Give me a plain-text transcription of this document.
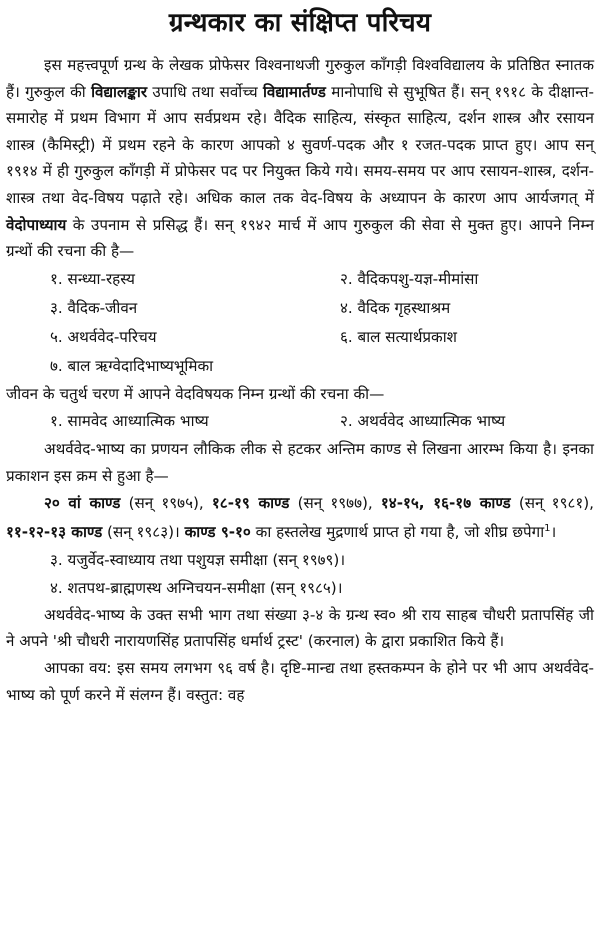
ग्रन्थकार का संक्षिप्त परिचय

इस महत्त्वपूर्ण ग्रन्थ के लेखक प्रोफेसर विश्वनाथजी गुरुकुल काँगड़ी विश्वविद्यालय के प्रतिष्ठित स्नातक हैं। गुरुकुल की विद्यालङ्कार उपाधि तथा सर्वोच्च विद्यामार्तण्ड मानोपाधि से सुभूषित हैं। सन् १९१८ के दीक्षान्त-समारोह में प्रथम विभाग में आप सर्वप्रथम रहे। वैदिक साहित्य, संस्कृत साहित्य, दर्शन शास्त्र और रसायन शास्त्र (कैमिस्ट्री) में प्रथम रहने के कारण आपको ४ सुवर्ण-पदक और १ रजत-पदक प्राप्त हुए। आप सन् १९१४ में ही गुरुकुल काँगड़ी में प्रोफेसर पद पर नियुक्त किये गये। समय-समय पर आप रसायन-शास्त्र, दर्शन-शास्त्र तथा वेद-विषय पढ़ाते रहे। अधिक काल तक वेद-विषय के अध्यापन के कारण आप आर्यजगत् में वेदोपाध्याय के उपनाम से प्रसिद्ध हैं। सन् १९४२ मार्च में आप गुरुकुल की सेवा से मुक्त हुए। आपने निम्न ग्रन्थों की रचना की है—

१. सन्ध्या-रहस्य	२. वैदिकपशु-यज्ञ-मीमांसा
३. वैदिक-जीवन	४. वैदिक गृहस्थाश्रम
५. अथर्ववेद-परिचय	६. बाल सत्यार्थप्रकाश
७. बाल ऋग्वेदादिभाष्यभूमिका

जीवन के चतुर्थ चरण में आपने वेदविषयक निम्न ग्रन्थों की रचना की—

१. सामवेद आध्यात्मिक भाष्य	२. अथर्ववेद आध्यात्मिक भाष्य

अथर्ववेद-भाष्य का प्रणयन लौकिक लीक से हटकर अन्तिम काण्ड से लिखना आरम्भ किया है। इनका प्रकाशन इस क्रम से हुआ है—

२० वां काण्ड (सन् १९७५), १८-१९ काण्ड (सन् १९७७), १४-१५, १६-१७ काण्ड (सन् १९८१), ११-१२-१३ काण्ड (सन् १९८३)। काण्ड ९-१० का हस्तलेख मुद्रणार्थ प्राप्त हो गया है, जो शीघ्र छपेगा$^1$।

३. यजुर्वेद-स्वाध्याय तथा पशुयज्ञ समीक्षा (सन् १९७९)।
४. शतपथ-ब्राह्मणस्थ अग्निचयन-समीक्षा (सन् १९८५)।

अथर्ववेद-भाष्य के उक्त सभी भाग तथा संख्या ३-४ के ग्रन्थ स्व० श्री राय साहब चौधरी प्रतापसिंह जी ने अपने 'श्री चौधरी नारायणसिंह प्रतापसिंह धर्मार्थ ट्रस्ट' (करनाल) के द्वारा प्रकाशित किये हैं।

आपका वय: इस समय लगभग ९६ वर्ष है। दृष्टि-मान्द्य तथा हस्तकम्पन के होने पर भी आप अथर्ववेद-भाष्य को पूर्ण करने में संलग्न हैं। वस्तुत: वह
